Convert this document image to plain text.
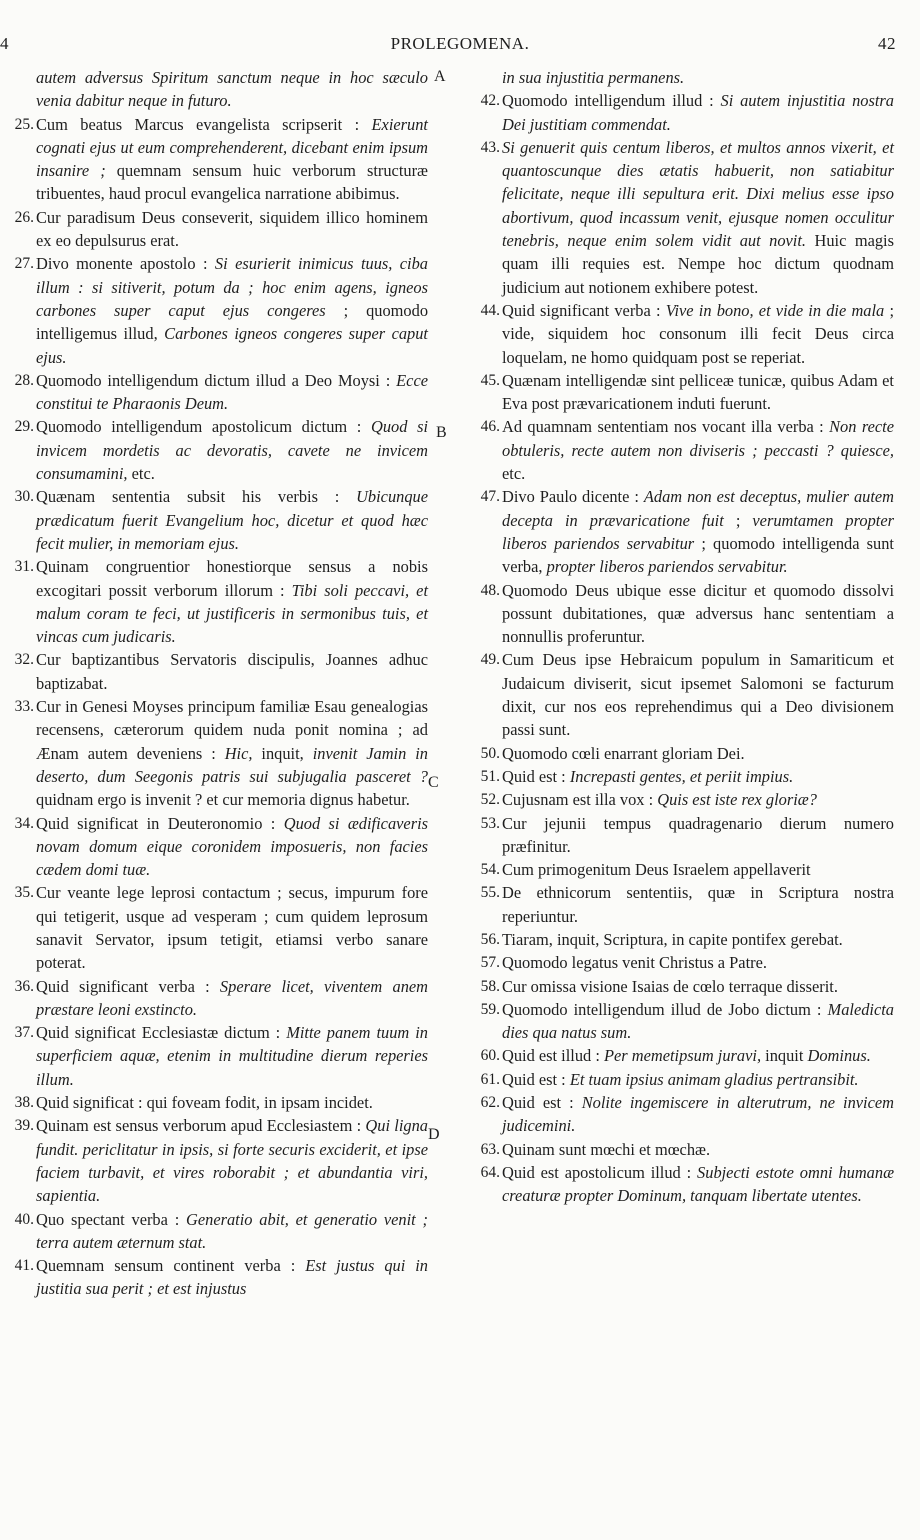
4	PROLEGOMENA.	42
autem adversus Spiritum sanctum neque in hoc sæculo venia dabitur neque in futuro.
25. Cum beatus Marcus evangelista scripserit : Exierunt cognati ejus ut eum comprehenderent, dicebant enim ipsum insanire ; quemnam sensum huic verborum structuræ tribuentes, haud procul evangelica narratione abibimus.
26. Cur paradisum Deus conseverit, siquidem illico hominem ex eo depulsurus erat.
27. Divo monente apostolo : Si esurierit inimicus tuus, ciba illum : si sitiverit, potum da ; hoc enim agens, igneos carbones super caput ejus congeres ; quomodo intelligemus illud, Carbones igneos congeres super caput ejus.
28. Quomodo intelligendum dictum illud a Deo Moysi : Ecce constitui te Pharaonis Deum.
29. Quomodo intelligendum apostolicum dictum : Quod si invicem mordetis ac devoratis, cavete ne invicem consumamini, etc.
30. Quænam sententia subsit his verbis : Ubicunque prædicatum fuerit Evangelium hoc, dicetur et quod hæc fecit mulier, in memoriam ejus.
31. Quinam congruentior honestiorque sensus a nobis excogitari possit verborum illorum : Tibi soli peccavi, et malum coram te feci, ut justificeris in sermonibus tuis, et vincas cum judicaris.
32. Cur baptizantibus Servatoris discipulis, Joannes adhuc baptizabat.
33. Cur in Genesi Moyses principum familiæ Esau genealogias recensens, cæterorum quidem nuda ponit nomina ; ad Ænam autem deveniens : Hic, inquit, invenit Jamin in deserto, dum Seegonis patris sui subjugalia pasceret ? quidnam ergo is invenit ? et cur memoria dignus habetur.
34. Quid significat in Deuteronomio : Quod si ædificaveris novam domum eique coronidem imposueris, non facies cædem domi tuæ.
35. Cur veante lege leprosi contactum ; secus, impurum fore qui tetigerit, usque ad vesperam ; cum quidem leprosum sanavit Servator, ipsum tetigit, etiamsi verbo sanare poterat.
36. Quid significant verba : Sperare licet, viventem anem præstare leoni exstincto.
37. Quid significat Ecclesiastæ dictum : Mitte panem tuum in superficiem aquæ, etenim in multitudine dierum reperies illum.
38. Quid significat : qui foveam fodit, in ipsam incidet.
39. Quinam est sensus verborum apud Ecclesiastem : Qui ligna fundit. periclitatur in ipsis, si forte securis exciderit, et ipse faciem turbavit, et vires roborabit ; et abundantia viri, sapientia.
40. Quo spectant verba : Generatio abit, et generatio venit ; terra autem æternum stat.
41. Quemnam sensum continent verba : Est justus qui in justitia sua perit ; et est injustus
in sua injustitia permanens.
42. Quomodo intelligendum illud : Si autem injustitia nostra Dei justitiam commendat.
43. Si genuerit quis centum liberos, et multos annos vixerit, et quantoscunque dies ætatis habuerit, non satiabitur felicitate, neque illi sepultura erit. Dixi melius esse ipso abortivum, quod incassum venit, ejusque nomen occulitur tenebris, neque enim solem vidit aut novit. Huic magis quam illi requies est. Nempe hoc dictum quodnam judicium aut notionem exhibere potest.
44. Quid significant verba : Vive in bono, et vide in die mala ; vide, siquidem hoc consonum illi fecit Deus circa loquelam, ne homo quidquam post se reperiat.
45. Quænam intelligendæ sint pelliceæ tunicæ, quibus Adam et Eva post prævaricationem induti fuerunt.
46. Ad quamnam sententiam nos vocant illa verba : Non recte obtuleris, recte autem non diviseris ; peccasti ? quiesce, etc.
47. Divo Paulo dicente : Adam non est deceptus, mulier autem decepta in prævaricatione fuit ; verumtamen propter liberos pariendos servabitur ; quomodo intelligenda sunt verba, propter liberos pariendos servabitur.
48. Quomodo Deus ubique esse dicitur et quomodo dissolvi possunt dubitationes, quæ adversus hanc sententiam a nonnullis proferuntur.
49. Cum Deus ipse Hebraicum populum in Samariticum et Judaicum diviserit, sicut ipsemet Salomoni se facturum dixit, cur nos eos reprehendimus qui a Deo divisionem passi sunt.
50. Quomodo cœli enarrant gloriam Dei.
51. Quid est : Increpasti gentes, et periit impius.
52. Cujusnam est illa vox : Quis est iste rex gloriæ?
53. Cur jejunii tempus quadragenario dierum numero præfinitur.
54. Cum primogenitum Deus Israelem appellaverit
55. De ethnicorum sententiis, quæ in Scriptura nostra reperiuntur.
56. Tiaram, inquit, Scriptura, in capite pontifex gerebat.
57. Quomodo legatus venit Christus a Patre.
58. Cur omissa visione Isaias de cœlo terraque disserit.
59. Quomodo intelligendum illud de Jobo dictum : Maledicta dies qua natus sum.
60. Quid est illud : Per memetipsum juravi, inquit Dominus.
61. Quid est : Et tuam ipsius animam gladius pertransibit.
62. Quid est : Nolite ingemiscere in alterutrum, ne invicem judicemini.
63. Quinam sunt mœchi et mœchæ.
64. Quid est apostolicum illud : Subjecti estote omni humanæ creaturæ propter Dominum, tanquam libertate utentes.
A
B
C
D
